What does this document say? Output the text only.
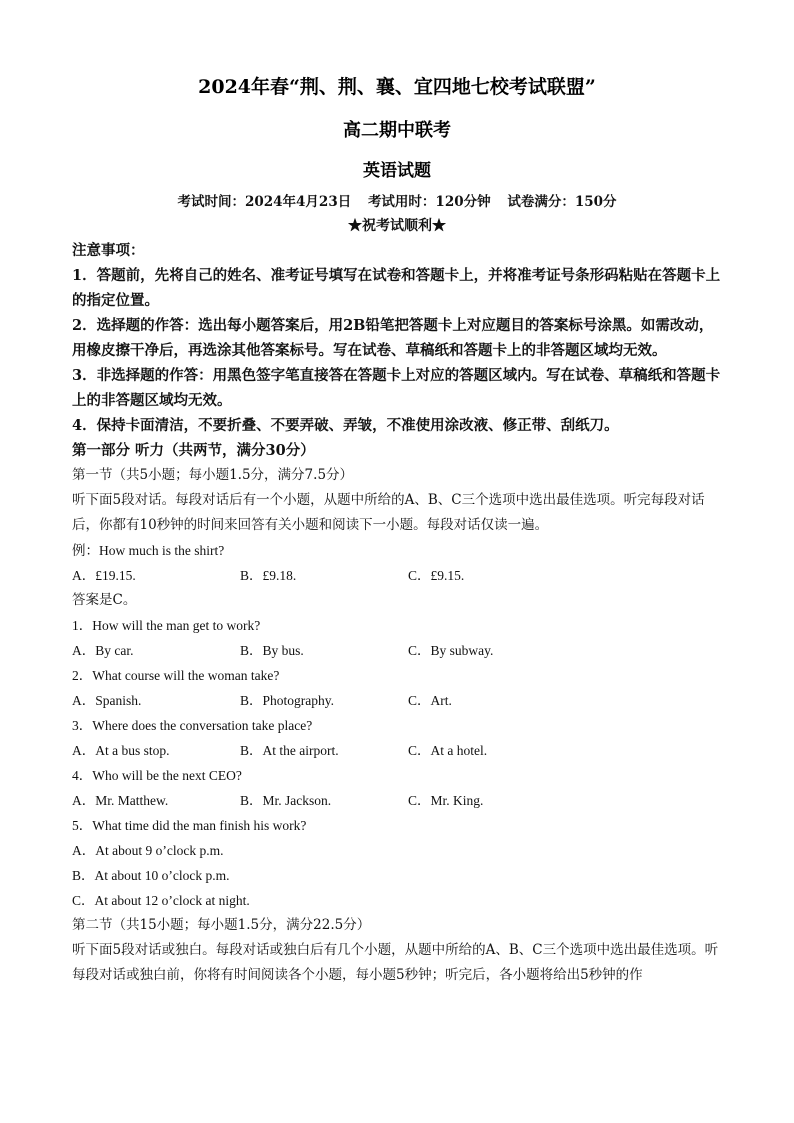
2024年春“荆、荆、襄、宜四地七校考试联盟”
高二期中联考
英语试题
考试时间：2024年4月23日 考试用时：120分钟 试卷满分：150分
★祝考试顺利★
注意事项：
1．答题前，先将自己的姓名、准考证号填写在试卷和答题卡上，并将准考证号条形码粘贴在答题卡上的指定位置。
2．选择题的作答：选出每小题答案后，用2B铅笔把答题卡上对应题目的答案标号涂黑。如需改动，用橡皮擦干净后，再选涂其他答案标号。写在试卷、草稿纸和答题卡上的非答题区域均无效。
3．非选择题的作答：用黑色签字笔直接答在答题卡上对应的答题区域内。写在试卷、草稿纸和答题卡上的非答题区域均无效。
4．保持卡面清洁，不要折叠、不要弄破、弄皱，不准使用涂改液、修正带、刮纸刀。
第一部分 听力（共两节，满分30分）
第一节（共5小题；每小题1.5分，满分7.5分）
听下面5段对话。每段对话后有一个小题，从题中所给的A、B、C三个选项中选出最佳选项。听完每段对话后，你都有10秒钟的时间来回答有关小题和阅读下一小题。每段对话仅读一遍。
例：How much is the shirt?
A．£19.15.	B．£9.18.	C．£9.15.
答案是C。
1．How will the man get to work?
A．By car.	B．By bus.	C．By subway.
2．What course will the woman take?
A．Spanish.	B．Photography.	C．Art.
3．Where does the conversation take place?
A．At a bus stop.	B．At the airport.	C．At a hotel.
4．Who will be the next CEO?
A．Mr. Matthew.	B．Mr. Jackson.	C．Mr. King.
5．What time did the man finish his work?
A．At about 9 o’clock p.m.
B．At about 10 o’clock p.m.
C．At about 12 o’clock at night.
第二节（共15小题；每小题1.5分，满分22.5分）
听下面5段对话或独白。每段对话或独白后有几个小题，从题中所给的A、B、C三个选项中选出最佳选项。听每段对话或独白前，你将有时间阅读各个小题，每小题5秒钟；听完后，各小题将给出5秒钟的作
